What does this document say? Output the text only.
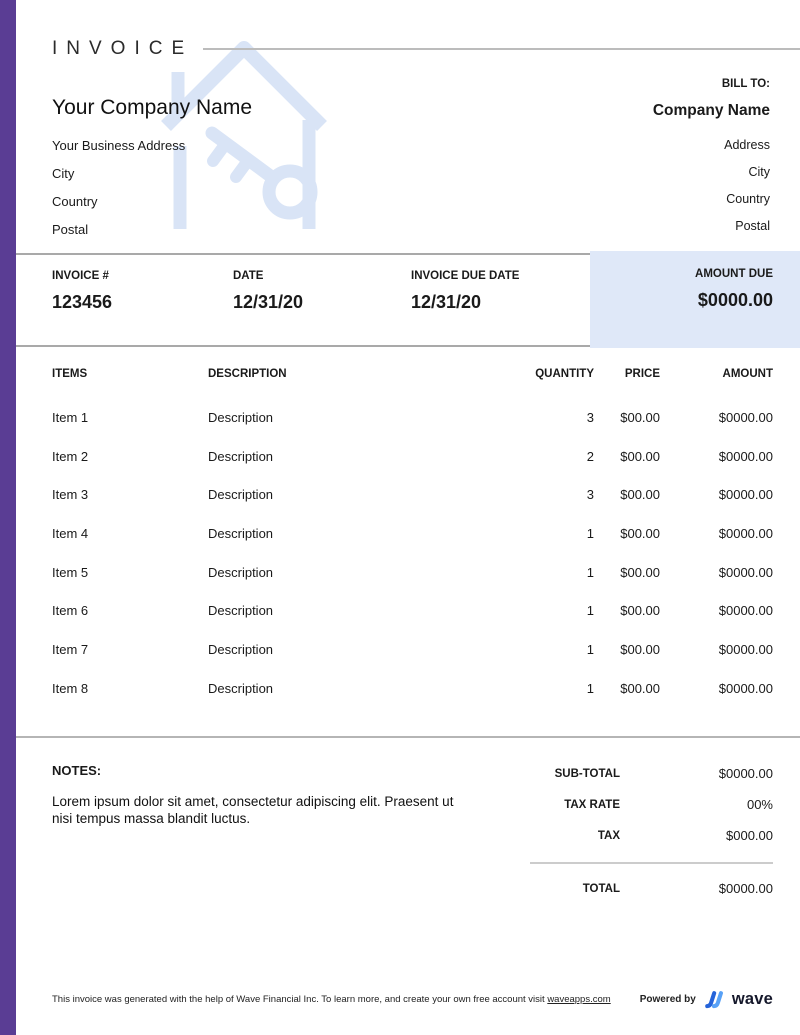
INVOICE
Your Company Name
Your Business Address
City
Country
Postal
BILL TO:
Company Name
Address
City
Country
Postal
INVOICE #
123456
DATE
12/31/20
INVOICE DUE DATE
12/31/20
AMOUNT DUE
$0000.00
ITEMS	DESCRIPTION	QUANTITY	PRICE	AMOUNT
Item 1	Description	3	$00.00	$0000.00
Item 2	Description	2	$00.00	$0000.00
Item 3	Description	3	$00.00	$0000.00
Item 4	Description	1	$00.00	$0000.00
Item 5	Description	1	$00.00	$0000.00
Item 6	Description	1	$00.00	$0000.00
Item 7	Description	1	$00.00	$0000.00
Item 8	Description	1	$00.00	$0000.00
NOTES:
Lorem ipsum dolor sit amet, consectetur adipiscing elit. Praesent ut nisi tempus massa blandit luctus.
SUB-TOTAL	$0000.00
TAX RATE	00%
TAX	$000.00
TOTAL	$0000.00
This invoice was generated with the help of Wave Financial Inc. To learn more, and create your own free account visit waveapps.com	Powered by wave
